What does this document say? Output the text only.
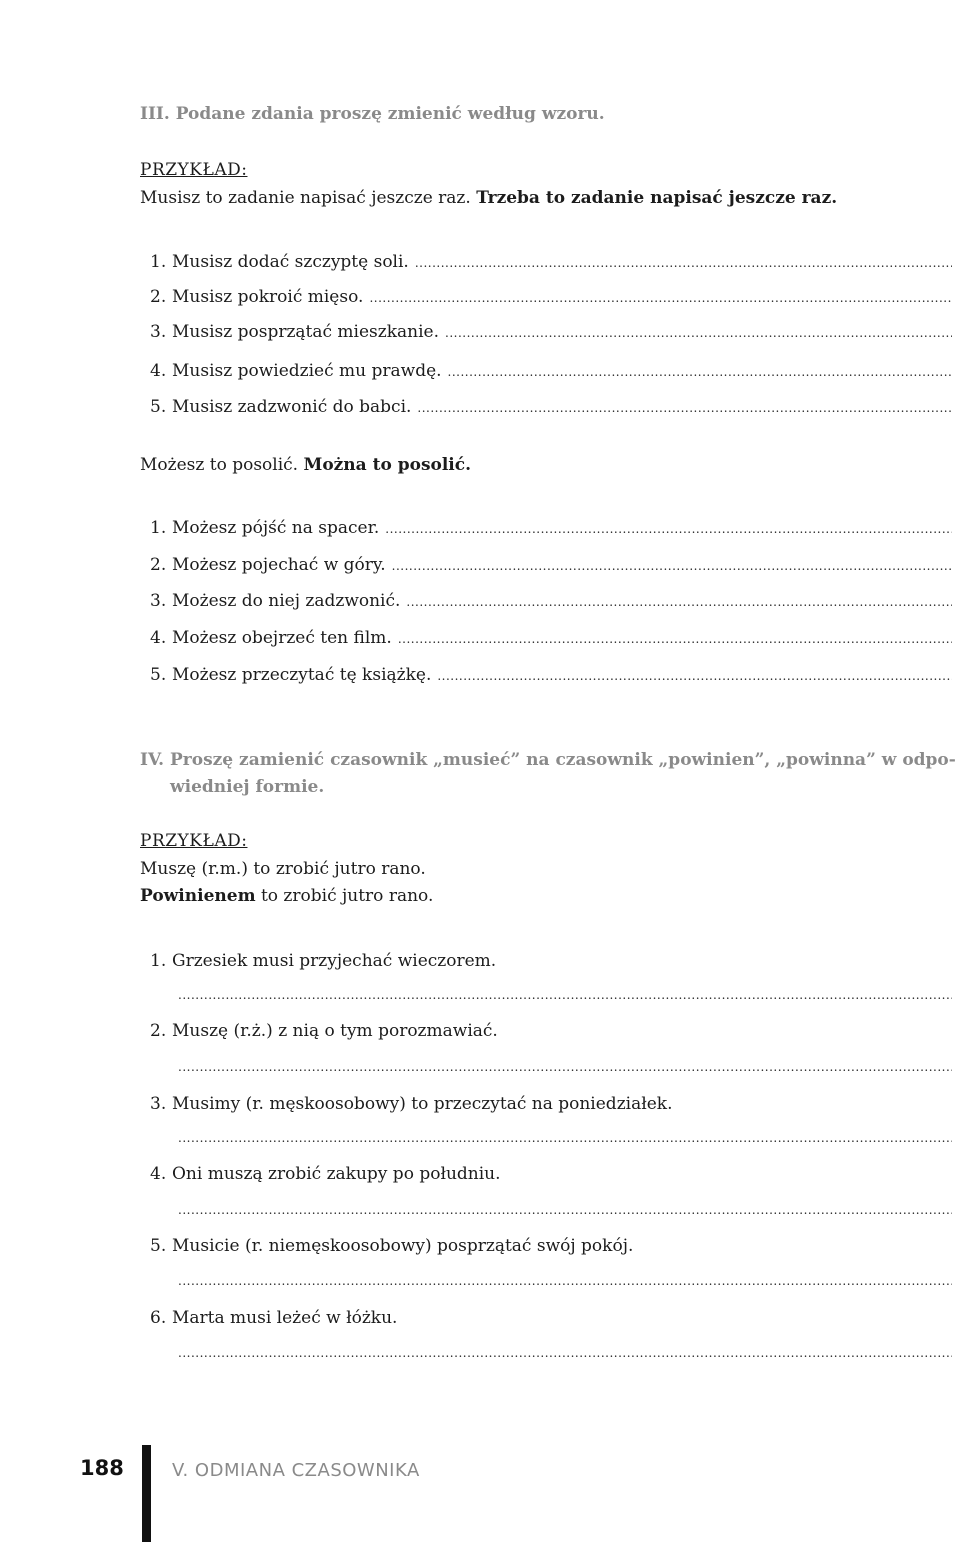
III. Podane zdania proszę zmienić według wzoru.
PRZYKŁAD:
Musisz to zadanie napisać jeszcze raz. Trzeba to zadanie napisać jeszcze raz.
1. Musisz dodać szczyptę soli.
.....
2. Musisz pokroić mięso.
.....
3. Musisz posprzątać mieszkanie.
.....
4. Musisz powiedzieć mu prawdę.
.....
5. Musisz zadzwonić do babci.
.....
Możesz to posolić. Można to posolić.
1. Możesz pójść na spacer.
.....
2. Możesz pojechać w góry.
.....
3. Możesz do niej zadzwonić.
.....
4. Możesz obejrzeć ten film.
.....
5. Możesz przeczytać tę książkę.
.....
IV. Proszę zamienić czasownik „musieć” na czasownik „powinien”, „powinna” w odpo-
wiedniej formie.
PRZYKŁAD:
Muszę (r.m.) to zrobić jutro rano.
Powinienem to zrobić jutro rano.
1. Grzesiek musi przyjechać wieczorem.
.....
2. Muszę (r.ż.) z nią o tym porozmawiać.
.....
3. Musimy (r. męskoosobowy) to przeczytać na poniedziałek.
.....
4. Oni muszą zrobić zakupy po południu.
.....
5. Musicie (r. niemęskoosobowy) posprzątać swój pokój.
.....
6. Marta musi leżeć w łóżku.
.....
188	V. ODMIANA CZASOWNIKA
